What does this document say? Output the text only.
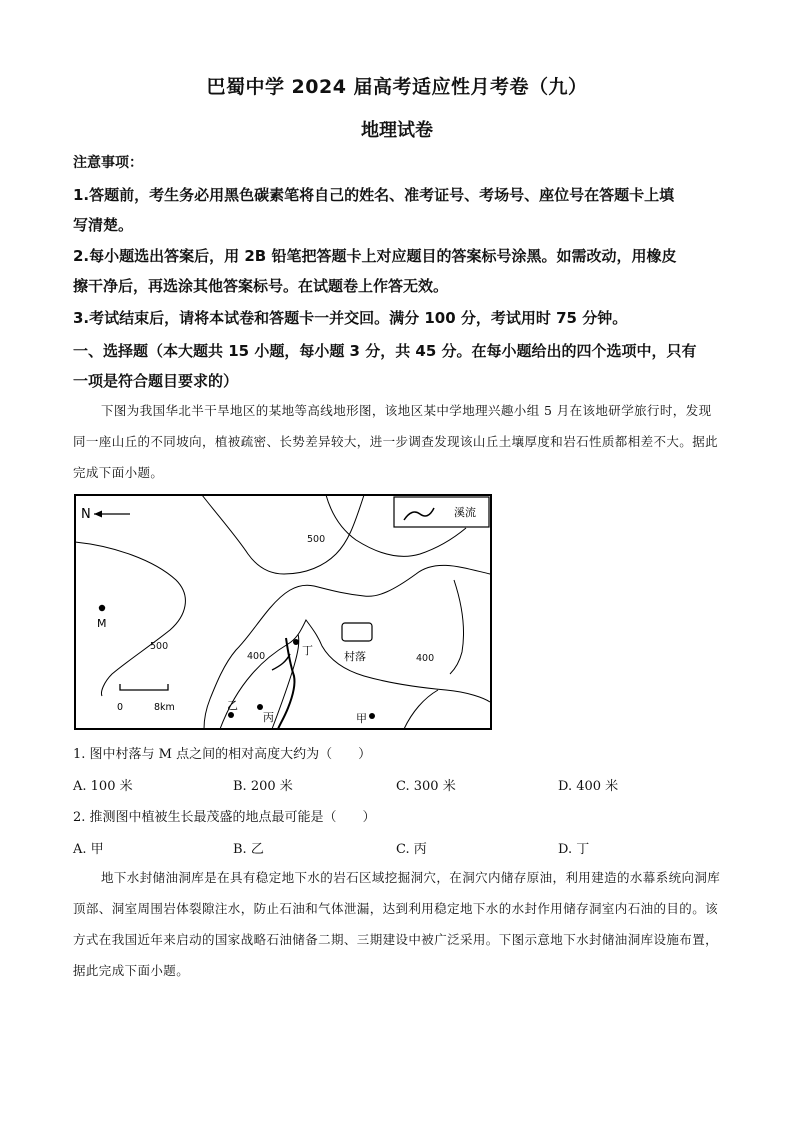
巴蜀中学 2024 届高考适应性月考卷（九）
地理试卷
注意事项：
1.答题前，考生务必用黑色碳素笔将自己的姓名、准考证号、考场号、座位号在答题卡上填
写清楚。
2.每小题选出答案后，用 2B 铅笔把答题卡上对应题目的答案标号涂黑。如需改动，用橡皮
擦干净后，再选涂其他答案标号。在试题卷上作答无效。
3.考试结束后，请将本试卷和答题卡一并交回。满分 100 分，考试用时 75 分钟。
一、选择题（本大题共 15 小题，每小题 3 分，共 45 分。在每小题给出的四个选项中，只有
一项是符合题目要求的）
下图为我国华北半干旱地区的某地等高线地形图，该地区某中学地理兴趣小组 5 月在该地研学旅行时，发现同一座山丘的不同坡向，植被疏密、长势差异较大，进一步调查发现该山丘土壤厚度和岩石性质都相差不大。据此完成下面小题。
N	溪流
500
500
400	400
M
丁	村落
乙
丙	甲
0	8km
1. 图中村落与 M 点之间的相对高度大约为（　　）
A. 100 米	B. 200 米	C. 300 米	D. 400 米
2. 推测图中植被生长最茂盛的地点最可能是（　　）
A. 甲	B. 乙	C. 丙	D. 丁
地下水封储油洞库是在具有稳定地下水的岩石区域挖掘洞穴，在洞穴内储存原油，利用建造的水幕系统向洞库顶部、洞室周围岩体裂隙注水，防止石油和气体泄漏，达到利用稳定地下水的水封作用储存洞室内石油的目的。该方式在我国近年来启动的国家战略石油储备二期、三期建设中被广泛采用。下图示意地下水封储油洞库设施布置，据此完成下面小题。
